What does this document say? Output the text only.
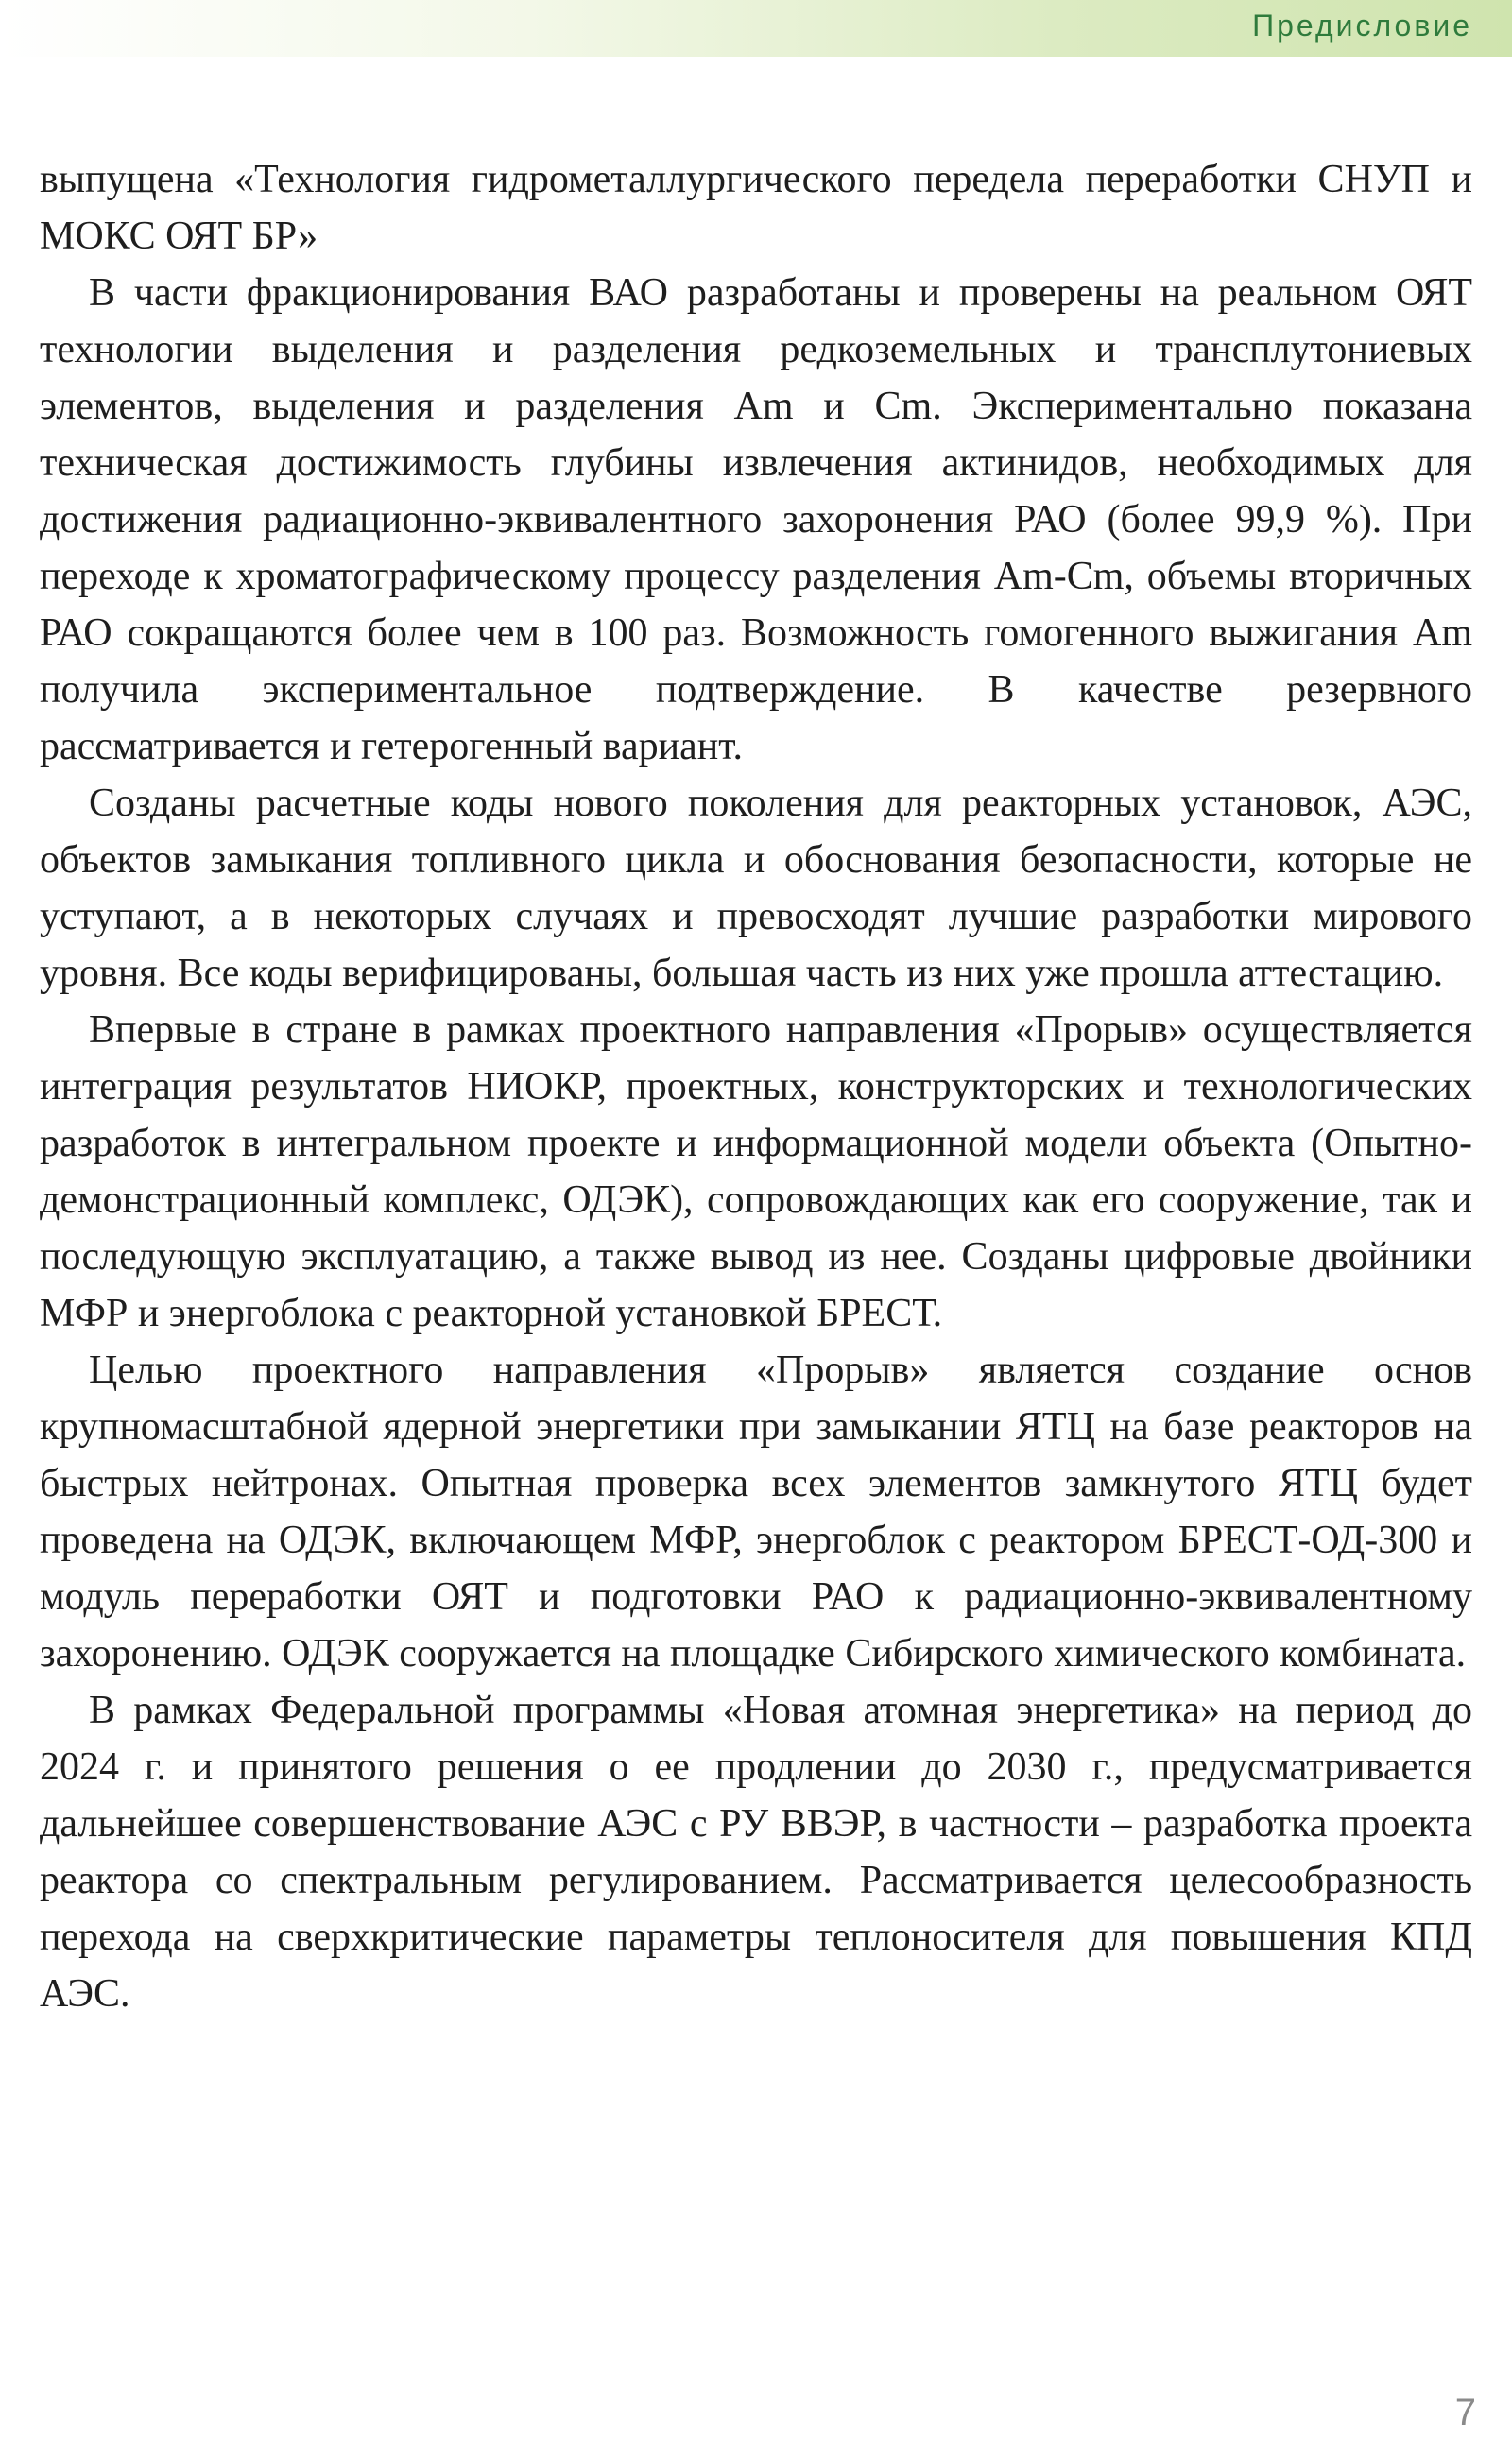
Предисловие

выпущена «Технология гидрометаллургического передела переработки СНУП и МОКС ОЯТ БР»

В части фракционирования ВАО разработаны и проверены на реальном ОЯТ технологии выделения и разделения редкоземельных и трансплутониевых элементов, выделения и разделения Am и Cm. Экспериментально показана техническая достижимость глубины извлечения актинидов, необходимых для достижения радиационно-эквивалентного захоронения РАО (более 99,9 %). При переходе к хроматографическому процессу разделения Am-Cm, объемы вторичных РАО сокращаются более чем в 100 раз. Возможность гомогенного выжигания Am получила экспериментальное подтверждение. В качестве резервного рассматривается и гетерогенный вариант.

Созданы расчетные коды нового поколения для реакторных установок, АЭС, объектов замыкания топливного цикла и обоснования безопасности, которые не уступают, а в некоторых случаях и превосходят лучшие разработки мирового уровня. Все коды верифицированы, большая часть из них уже прошла аттестацию.

Впервые в стране в рамках проектного направления «Прорыв» осуществляется интеграция результатов НИОКР, проектных, конструкторских и технологических разработок в интегральном проекте и информационной модели объекта (Опытно-демонстрационный комплекс, ОДЭК), сопровождающих как его сооружение, так и последующую эксплуатацию, а также вывод из нее. Созданы цифровые двойники МФР и энергоблока с реакторной установкой БРЕСТ.

Целью проектного направления «Прорыв» является создание основ крупномасштабной ядерной энергетики при замыкании ЯТЦ на базе реакторов на быстрых нейтронах. Опытная проверка всех элементов замкнутого ЯТЦ будет проведена на ОДЭК, включающем МФР, энергоблок с реактором БРЕСТ-ОД-300 и модуль переработки ОЯТ и подготовки РАО к радиационно-эквивалентному захоронению. ОДЭК сооружается на площадке Сибирского химического комбината.

В рамках Федеральной программы «Новая атомная энергетика» на период до 2024 г. и принятого решения о ее продлении до 2030 г., предусматривается дальнейшее совершенствование АЭС с РУ ВВЭР, в частности – разработка проекта реактора со спектральным регулированием. Рассматривается целесообразность перехода на сверхкритические параметры теплоносителя для повышения КПД АЭС.

7
